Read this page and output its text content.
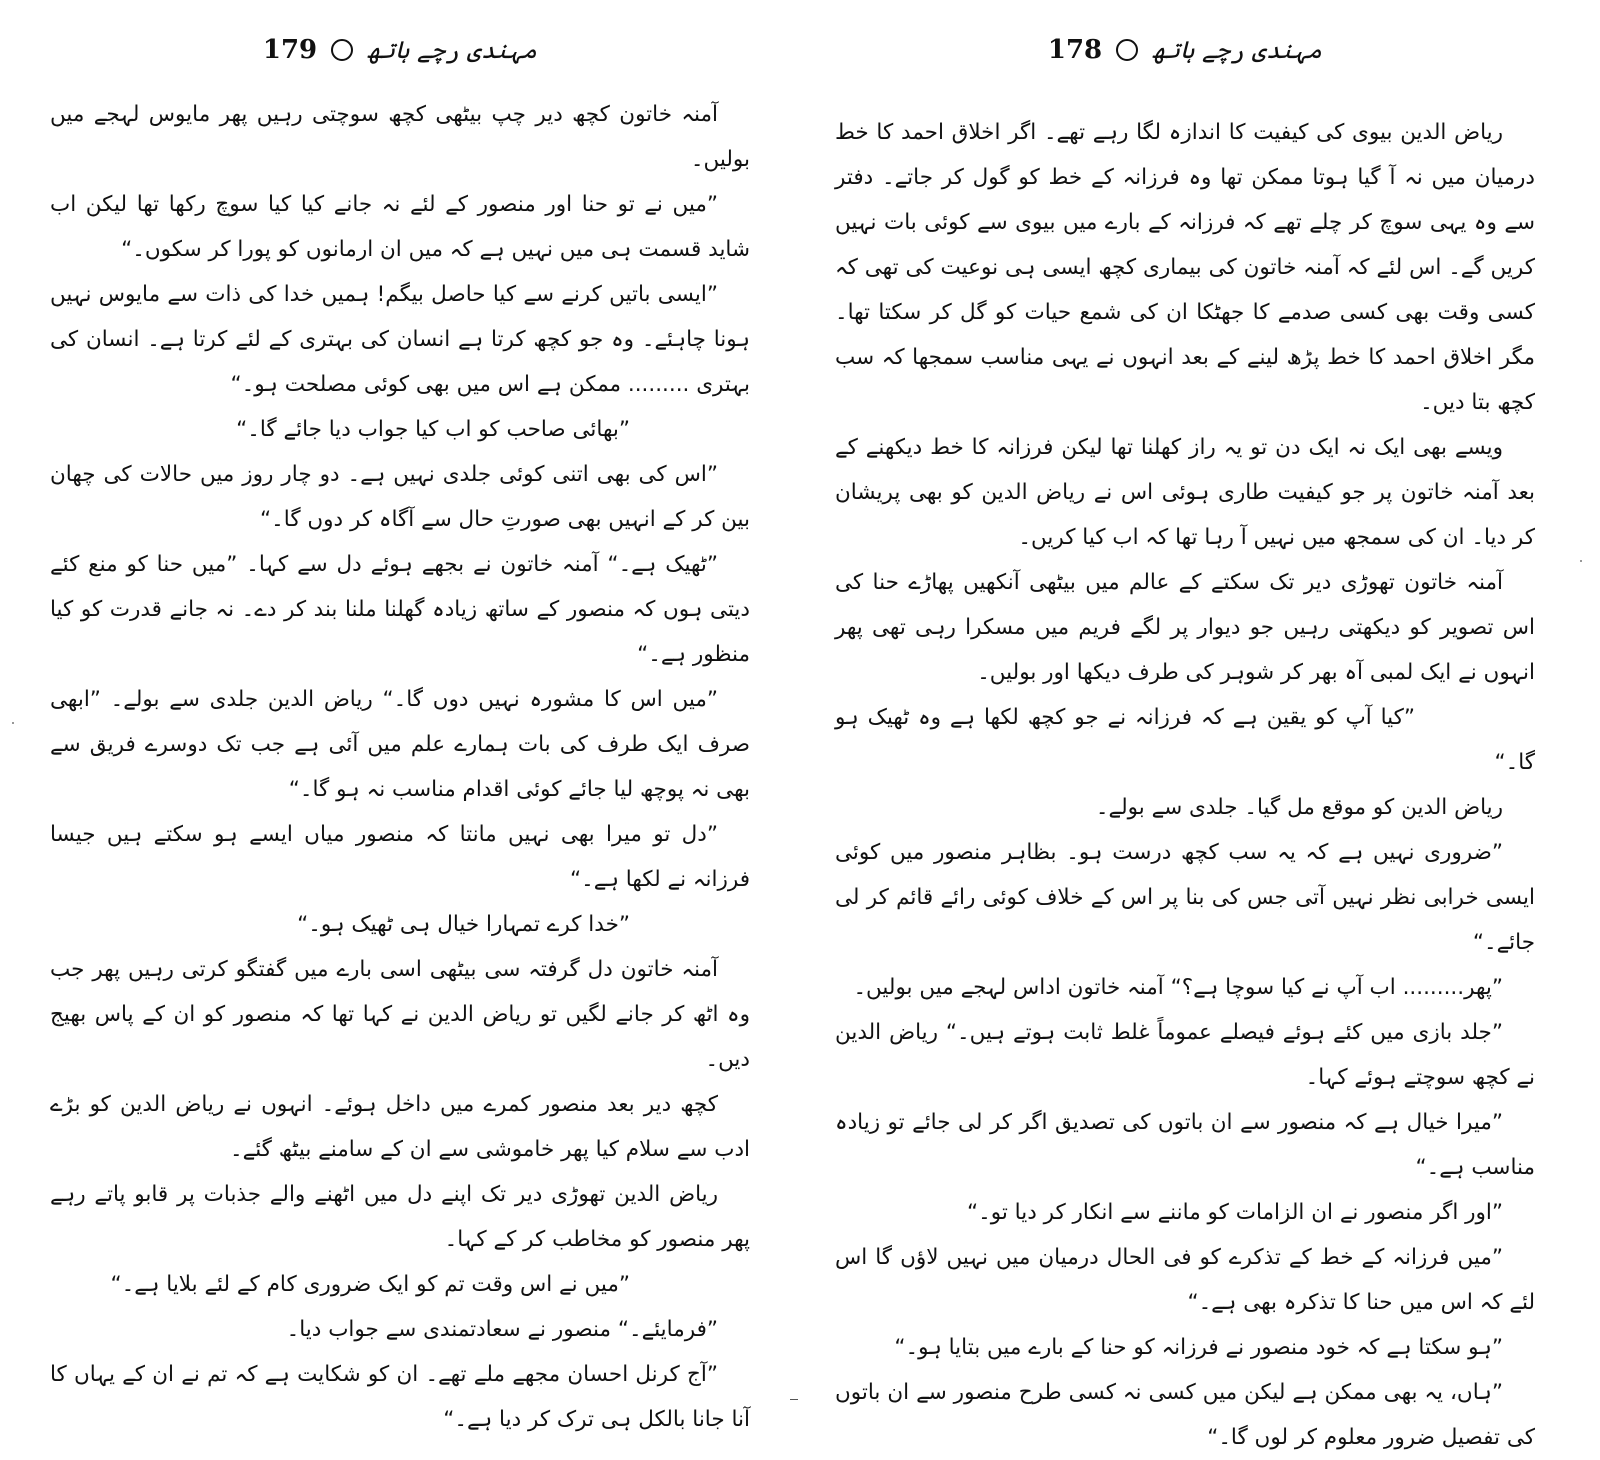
179 مہندی رچے ہاتھ

آمنہ خاتون کچھ دیر چپ بیٹھی کچھ سوچتی رہیں پھر مایوس لہجے میں بولیں۔

”میں نے تو حنا اور منصور کے لئے نہ جانے کیا کیا سوچ رکھا تھا لیکن اب شاید قسمت ہی میں نہیں ہے کہ میں ان ارمانوں کو پورا کر سکوں۔“

”ایسی باتیں کرنے سے کیا حاصل بیگم! ہمیں خدا کی ذات سے مایوس نہیں ہونا چاہئے۔ وہ جو کچھ کرتا ہے انسان کی بہتری کے لئے کرتا ہے۔ انسان کی بہتری ......... ممکن ہے اس میں بھی کوئی مصلحت ہو۔“

”بھائی صاحب کو اب کیا جواب دیا جائے گا۔“

”اس کی بھی اتنی کوئی جلدی نہیں ہے۔ دو چار روز میں حالات کی چھان بین کر کے انہیں بھی صورتِ حال سے آگاہ کر دوں گا۔“

”ٹھیک ہے۔“ آمنہ خاتون نے بجھے ہوئے دل سے کہا۔ ”میں حنا کو منع کئے دیتی ہوں کہ منصور کے ساتھ زیادہ گھلنا ملنا بند کر دے۔ نہ جانے قدرت کو کیا منظور ہے۔“

”میں اس کا مشورہ نہیں دوں گا۔“ ریاض الدین جلدی سے بولے۔ ”ابھی صرف ایک طرف کی بات ہمارے علم میں آئی ہے جب تک دوسرے فریق سے بھی نہ پوچھ لیا جائے کوئی اقدام مناسب نہ ہو گا۔“

”دل تو میرا بھی نہیں مانتا کہ منصور میاں ایسے ہو سکتے ہیں جیسا فرزانہ نے لکھا ہے۔“

”خدا کرے تمہارا خیال ہی ٹھیک ہو۔“

آمنہ خاتون دل گرفتہ سی بیٹھی اسی بارے میں گفتگو کرتی رہیں پھر جب وہ اٹھ کر جانے لگیں تو ریاض الدین نے کہا تھا کہ منصور کو ان کے پاس بھیج دیں۔

کچھ دیر بعد منصور کمرے میں داخل ہوئے۔ انہوں نے ریاض الدین کو بڑے ادب سے سلام کیا پھر خاموشی سے ان کے سامنے بیٹھ گئے۔

ریاض الدین تھوڑی دیر تک اپنے دل میں اٹھنے والے جذبات پر قابو پاتے رہے پھر منصور کو مخاطب کر کے کہا۔

”میں نے اس وقت تم کو ایک ضروری کام کے لئے بلایا ہے۔“

”فرمایئے۔“ منصور نے سعادتمندی سے جواب دیا۔

”آج کرنل احسان مجھے ملے تھے۔ ان کو شکایت ہے کہ تم نے ان کے یہاں کا آنا جانا بالکل ہی ترک کر دیا ہے۔“

178 مہندی رچے ہاتھ

ریاض الدین بیوی کی کیفیت کا اندازہ لگا رہے تھے۔ اگر اخلاق احمد کا خط درمیان میں نہ آ گیا ہوتا ممکن تھا وہ فرزانہ کے خط کو گول کر جاتے۔ دفتر سے وہ یہی سوچ کر چلے تھے کہ فرزانہ کے بارے میں بیوی سے کوئی بات نہیں کریں گے۔ اس لئے کہ آمنہ خاتون کی بیماری کچھ ایسی ہی نوعیت کی تھی کہ کسی وقت بھی کسی صدمے کا جھٹکا ان کی شمع حیات کو گل کر سکتا تھا۔ مگر اخلاق احمد کا خط پڑھ لینے کے بعد انہوں نے یہی مناسب سمجھا کہ سب کچھ بتا دیں۔

ویسے بھی ایک نہ ایک دن تو یہ راز کھلنا تھا لیکن فرزانہ کا خط دیکھنے کے بعد آمنہ خاتون پر جو کیفیت طاری ہوئی اس نے ریاض الدین کو بھی پریشان کر دیا۔ ان کی سمجھ میں نہیں آ رہا تھا کہ اب کیا کریں۔

آمنہ خاتون تھوڑی دیر تک سکتے کے عالم میں بیٹھی آنکھیں پھاڑے حنا کی اس تصویر کو دیکھتی رہیں جو دیوار پر لگے فریم میں مسکرا رہی تھی پھر انہوں نے ایک لمبی آہ بھر کر شوہر کی طرف دیکھا اور بولیں۔

”کیا آپ کو یقین ہے کہ فرزانہ نے جو کچھ لکھا ہے وہ ٹھیک ہو گا۔“

ریاض الدین کو موقع مل گیا۔ جلدی سے بولے۔

”ضروری نہیں ہے کہ یہ سب کچھ درست ہو۔ بظاہر منصور میں کوئی ایسی خرابی نظر نہیں آتی جس کی بنا پر اس کے خلاف کوئی رائے قائم کر لی جائے۔“

”پھر......... اب آپ نے کیا سوچا ہے؟“ آمنہ خاتون اداس لہجے میں بولیں۔

”جلد بازی میں کئے ہوئے فیصلے عموماً غلط ثابت ہوتے ہیں۔“ ریاض الدین نے کچھ سوچتے ہوئے کہا۔

”میرا خیال ہے کہ منصور سے ان باتوں کی تصدیق اگر کر لی جائے تو زیادہ مناسب ہے۔“

”اور اگر منصور نے ان الزامات کو ماننے سے انکار کر دیا تو۔“

”میں فرزانہ کے خط کے تذکرے کو فی الحال درمیان میں نہیں لاؤں گا اس لئے کہ اس میں حنا کا تذکرہ بھی ہے۔“

”ہو سکتا ہے کہ خود منصور نے فرزانہ کو حنا کے بارے میں بتایا ہو۔“

”ہاں، یہ بھی ممکن ہے لیکن میں کسی نہ کسی طرح منصور سے ان باتوں کی تفصیل ضرور معلوم کر لوں گا۔“
